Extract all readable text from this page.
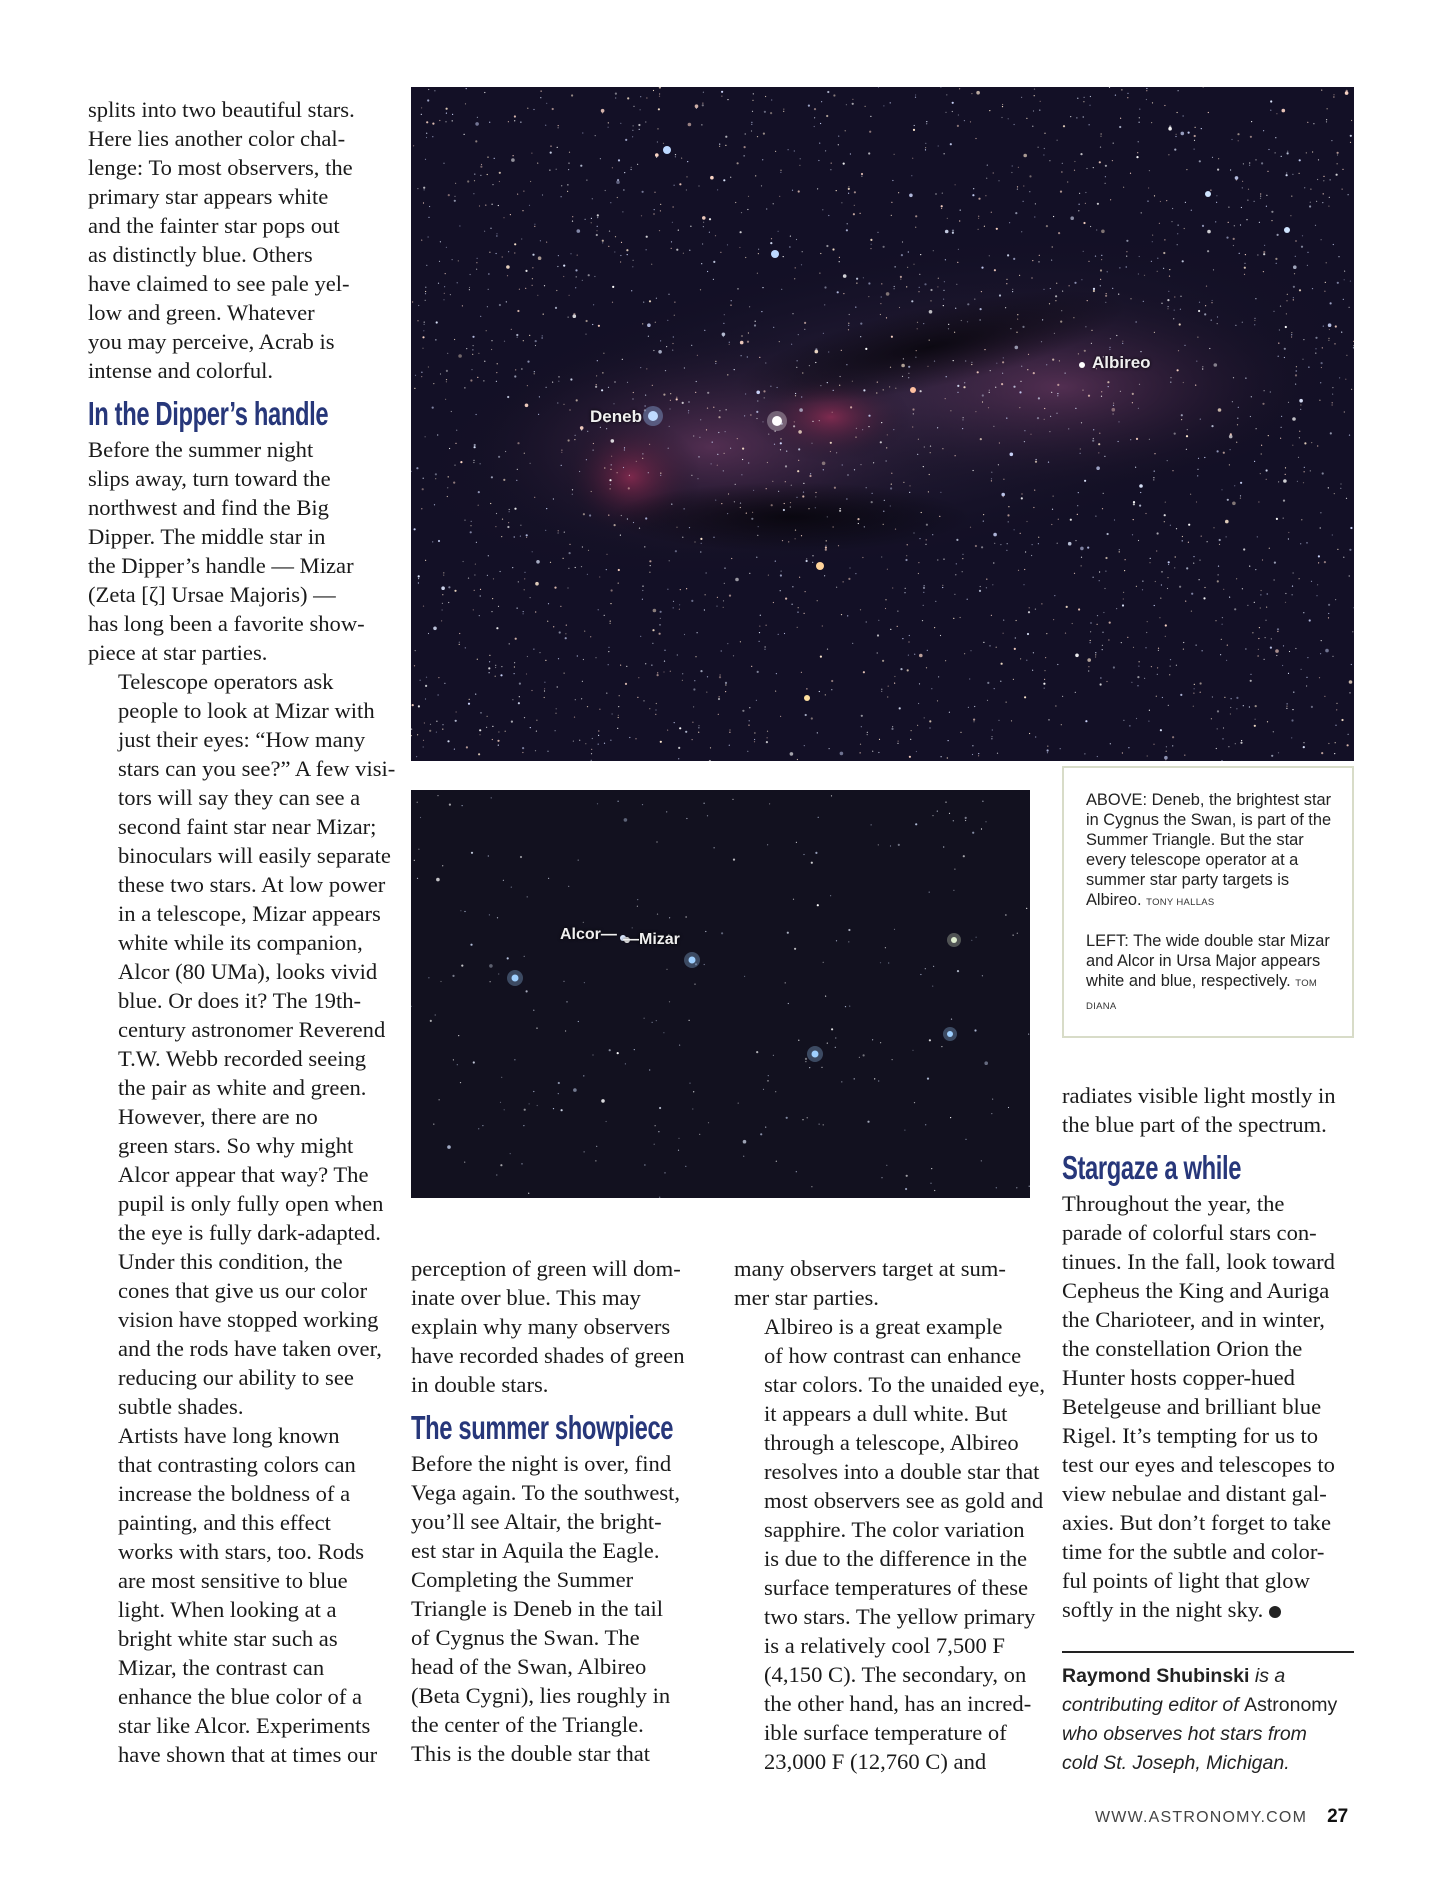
splits into two beautiful stars.
Here lies another color chal-
lenge: To most observers, the
primary star appears white
and the fainter star pops out
as distinctly blue. Others
have claimed to see pale yel-
low and green. Whatever
you may perceive, Acrab is
intense and colorful.

In the Dipper’s handle

Before the summer night
slips away, turn toward the
northwest and find the Big
Dipper. The middle star in
the Dipper’s handle — Mizar
(Zeta [ζ] Ursae Majoris) —
has long been a favorite show-
piece at star parties.

Telescope operators ask
people to look at Mizar with
just their eyes: “How many
stars can you see?” A few visi-
tors will say they can see a
second faint star near Mizar;
binoculars will easily separate
these two stars. At low power
in a telescope, Mizar appears
white while its companion,
Alcor (80 UMa), looks vivid
blue. Or does it? The 19th-
century astronomer Reverend
T.W. Webb recorded seeing
the pair as white and green.

However, there are no
green stars. So why might
Alcor appear that way? The
pupil is only fully open when
the eye is fully dark-adapted.
Under this condition, the
cones that give us our color
vision have stopped working
and the rods have taken over,
reducing our ability to see
subtle shades.

Artists have long known
that contrasting colors can
increase the boldness of a
painting, and this effect
works with stars, too. Rods
are most sensitive to blue
light. When looking at a
bright white star such as
Mizar, the contrast can
enhance the blue color of a
star like Alcor. Experiments
have shown that at times our

Albireo
Deneb
Alcor— —Mizar

ABOVE: Deneb, the brightest star in Cygnus the Swan, is part of the Summer Triangle. But the star every telescope operator at a summer star party targets is Albireo. TONY HALLAS

LEFT: The wide double star Mizar and Alcor in Ursa Major appears white and blue, respectively. TOM DIANA

perception of green will dom-
inate over blue. This may
explain why many observers
have recorded shades of green
in double stars.

The summer showpiece

Before the night is over, find
Vega again. To the southwest,
you’ll see Altair, the bright-
est star in Aquila the Eagle.
Completing the Summer
Triangle is Deneb in the tail
of Cygnus the Swan. The
head of the Swan, Albireo
(Beta Cygni), lies roughly in
the center of the Triangle.
This is the double star that

many observers target at sum-
mer star parties.

Albireo is a great example
of how contrast can enhance
star colors. To the unaided eye,
it appears a dull white. But
through a telescope, Albireo
resolves into a double star that
most observers see as gold and
sapphire. The color variation
is due to the difference in the
surface temperatures of these
two stars. The yellow primary
is a relatively cool 7,500 F
(4,150 C). The secondary, on
the other hand, has an incred-
ible surface temperature of
23,000 F (12,760 C) and

radiates visible light mostly in
the blue part of the spectrum.

Stargaze a while

Throughout the year, the
parade of colorful stars con-
tinues. In the fall, look toward
Cepheus the King and Auriga
the Charioteer, and in winter,
the constellation Orion the
Hunter hosts copper-hued
Betelgeuse and brilliant blue
Rigel. It’s tempting for us to
test our eyes and telescopes to
view nebulae and distant gal-
axies. But don’t forget to take
time for the subtle and color-
ful points of light that glow
softly in the night sky.

Raymond Shubinski is a
contributing editor of Astronomy
who observes hot stars from
cold St. Joseph, Michigan.
WWW.ASTRONOMY.COM 27
